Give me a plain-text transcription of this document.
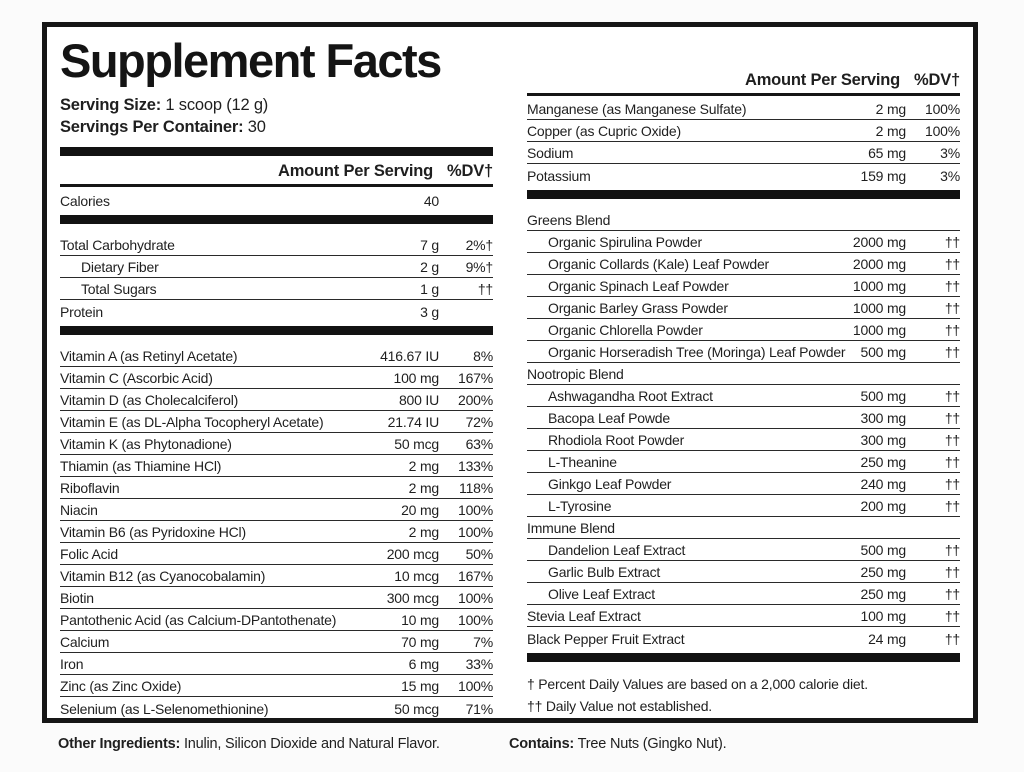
Supplement Facts
Serving Size: 1 scoop (12 g)
Servings Per Container: 30
Amount Per Serving %DV†
Calories	40
Total Carbohydrate	7 g	2%†
Dietary Fiber	2 g	9%†
Total Sugars	1 g	††
Protein	3 g
Vitamin A (as Retinyl Acetate)	416.67 IU	8%
Vitamin C (Ascorbic Acid)	100 mg	167%
Vitamin D (as Cholecalciferol)	800 IU	200%
Vitamin E (as DL-Alpha Tocopheryl Acetate)	21.74 IU	72%
Vitamin K (as Phytonadione)	50 mcg	63%
Thiamin (as Thiamine HCl)	2 mg	133%
Riboflavin	2 mg	118%
Niacin	20 mg	100%
Vitamin B6 (as Pyridoxine HCl)	2 mg	100%
Folic Acid	200 mcg	50%
Vitamin B12 (as Cyanocobalamin)	10 mcg	167%
Biotin	300 mcg	100%
Pantothenic Acid (as Calcium-DPantothenate)	10 mg	100%
Calcium	70 mg	7%
Iron	6 mg	33%
Zinc (as Zinc Oxide)	15 mg	100%
Selenium (as L-Selenomethionine)	50 mcg	71%
Amount Per Serving %DV†
Manganese (as Manganese Sulfate)	2 mg	100%
Copper (as Cupric Oxide)	2 mg	100%
Sodium	65 mg	3%
Potassium	159 mg	3%
Greens Blend
Organic Spirulina Powder	2000 mg	††
Organic Collards (Kale) Leaf Powder	2000 mg	††
Organic Spinach Leaf Powder	1000 mg	††
Organic Barley Grass Powder	1000 mg	††
Organic Chlorella Powder	1000 mg	††
Organic Horseradish Tree (Moringa) Leaf Powder	500 mg	††
Nootropic Blend
Ashwagandha Root Extract	500 mg	††
Bacopa Leaf Powde	300 mg	††
Rhodiola Root Powder	300 mg	††
L-Theanine	250 mg	††
Ginkgo Leaf Powder	240 mg	††
L-Tyrosine	200 mg	††
Immune Blend
Dandelion Leaf Extract	500 mg	††
Garlic Bulb Extract	250 mg	††
Olive Leaf Extract	250 mg	††
Stevia Leaf Extract	100 mg	††
Black Pepper Fruit Extract	24 mg	††
† Percent Daily Values are based on a 2,000 calorie diet.
†† Daily Value not established.
Other Ingredients: Inulin, Silicon Dioxide and Natural Flavor.	Contains: Tree Nuts (Gingko Nut).
